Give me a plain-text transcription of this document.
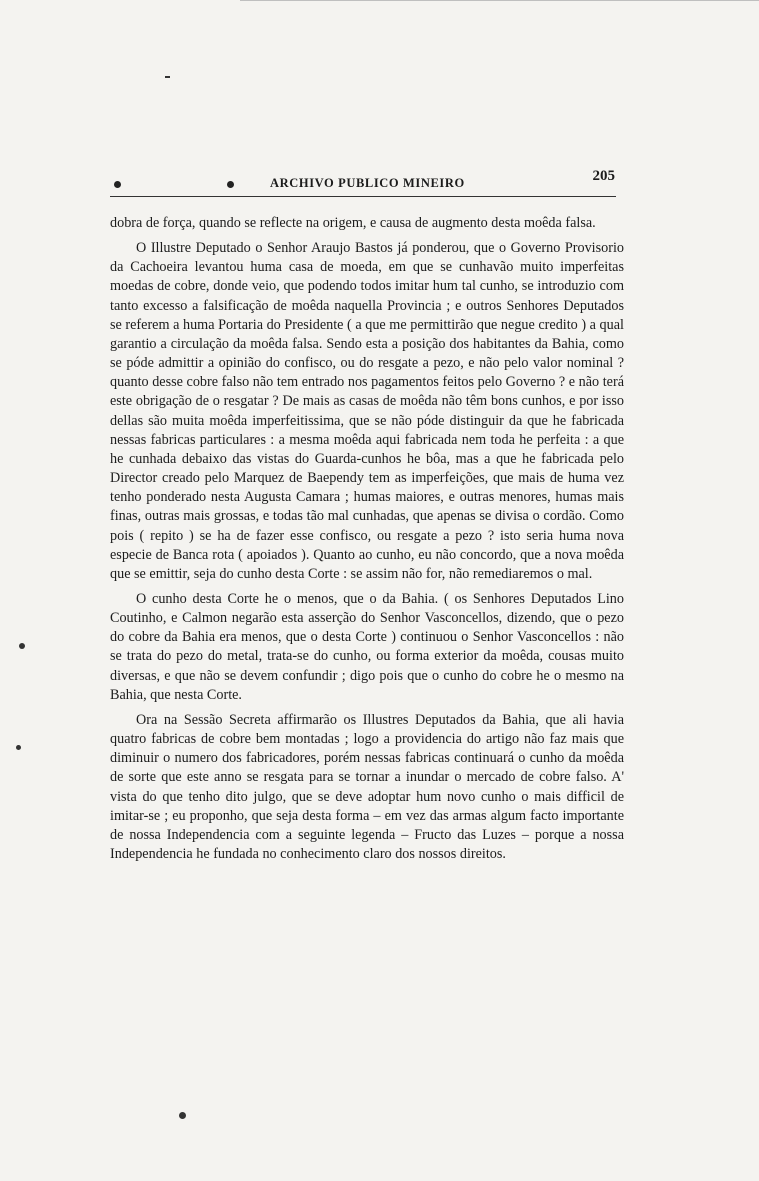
ARCHIVO PUBLICO MINEIRO	205

dobra de força, quando se reflecte na origem, e causa de augmento desta moêda falsa.

O Illustre Deputado o Senhor Araujo Bastos já ponderou, que o Governo Provisorio da Cachoeira levantou huma casa de moeda, em que se cunhavão muito imperfeitas moedas de cobre, donde veio, que podendo todos imitar hum tal cunho, se introduzio com tanto excesso a falsificação de moêda naquella Provincia ; e outros Senhores Deputados se referem a huma Portaria do Presidente ( a que me permittirão que negue credito ) a qual garantio a circulação da moêda falsa. Sendo esta a posição dos habitantes da Bahia, como se póde admittir a opinião do confisco, ou do resgate a pezo, e não pelo valor nominal ? quanto desse cobre falso não tem entrado nos pagamentos feitos pelo Governo ? e não terá este obrigação de o resgatar ? De mais as casas de moêda não têm bons cunhos, e por isso dellas são muita moêda imperfeitissima, que se não póde distinguir da que he fabricada nessas fabricas particulares : a mesma moêda aqui fabricada nem toda he perfeita : a que he cunhada debaixo das vistas do Guarda-cunhos he bôa, mas a que he fabricada pelo Director creado pelo Marquez de Baependy tem as imperfeições, que mais de huma vez tenho ponderado nesta Augusta Camara ; humas maiores, e outras menores, humas mais finas, outras mais grossas, e todas tão mal cunhadas, que apenas se divisa o cordão. Como pois ( repito ) se ha de fazer esse confisco, ou resgate a pezo ? isto seria huma nova especie de Banca rota ( apoiados ). Quanto ao cunho, eu não concordo, que a nova moêda que se emittir, seja do cunho desta Corte : se assim não for, não remediaremos o mal.

O cunho desta Corte he o menos, que o da Bahia. ( os Senhores Deputados Lino Coutinho, e Calmon negarão esta asserção do Senhor Vasconcellos, dizendo, que o pezo do cobre da Bahia era menos, que o desta Corte ) continuou o Senhor Vasconcellos : não se trata do pezo do metal, trata-se do cunho, ou forma exterior da moêda, cousas muito diversas, e que não se devem confundir ; digo pois que o cunho do cobre he o mesmo na Bahia, que nesta Corte.

Ora na Sessão Secreta affirmarão os Illustres Deputados da Bahia, que ali havia quatro fabricas de cobre bem montadas ; logo a providencia do artigo não faz mais que diminuir o numero dos fabricadores, porém nessas fabricas continuará o cunho da moêda de sorte que este anno se resgata para se tornar a inundar o mercado de cobre falso. A' vista do que tenho dito julgo, que se deve adoptar hum novo cunho o mais difficil de imitar-se ; eu proponho, que seja desta forma – em vez das armas algum facto importante de nossa Independencia com a seguinte legenda – Fructo das Luzes – porque a nossa Independencia he fundada no conhecimento claro dos nossos direitos.
